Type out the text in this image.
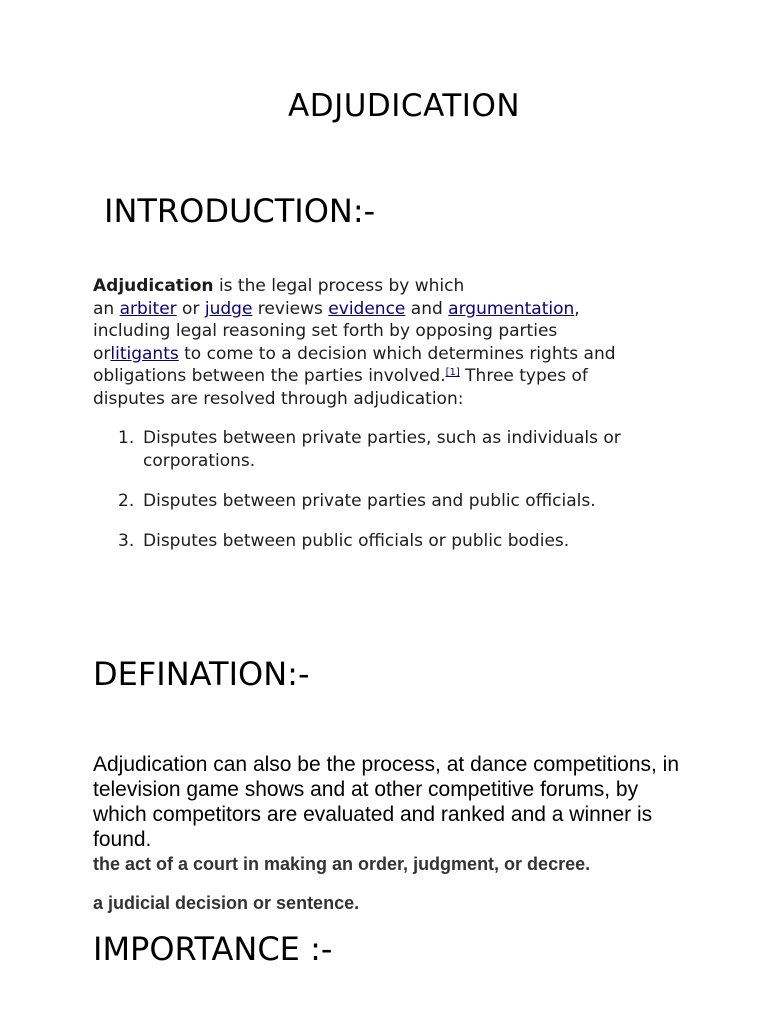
ADJUDICATION
INTRODUCTION:-
Adjudication is the legal process by which
an arbiter or judge reviews evidence and argumentation,
including legal reasoning set forth by opposing parties
orlitigants to come to a decision which determines rights and
obligations between the parties involved.[1] Three types of
disputes are resolved through adjudication:
1. Disputes between private parties, such as individuals or corporations.
2. Disputes between private parties and public officials.
3. Disputes between public officials or public bodies.
DEFINATION:-
Adjudication can also be the process, at dance competitions, in television game shows and at other competitive forums, by which competitors are evaluated and ranked and a winner is found.
the act of a court in making an order, judgment, or decree.
a judicial decision or sentence.
IMPORTANCE :-
